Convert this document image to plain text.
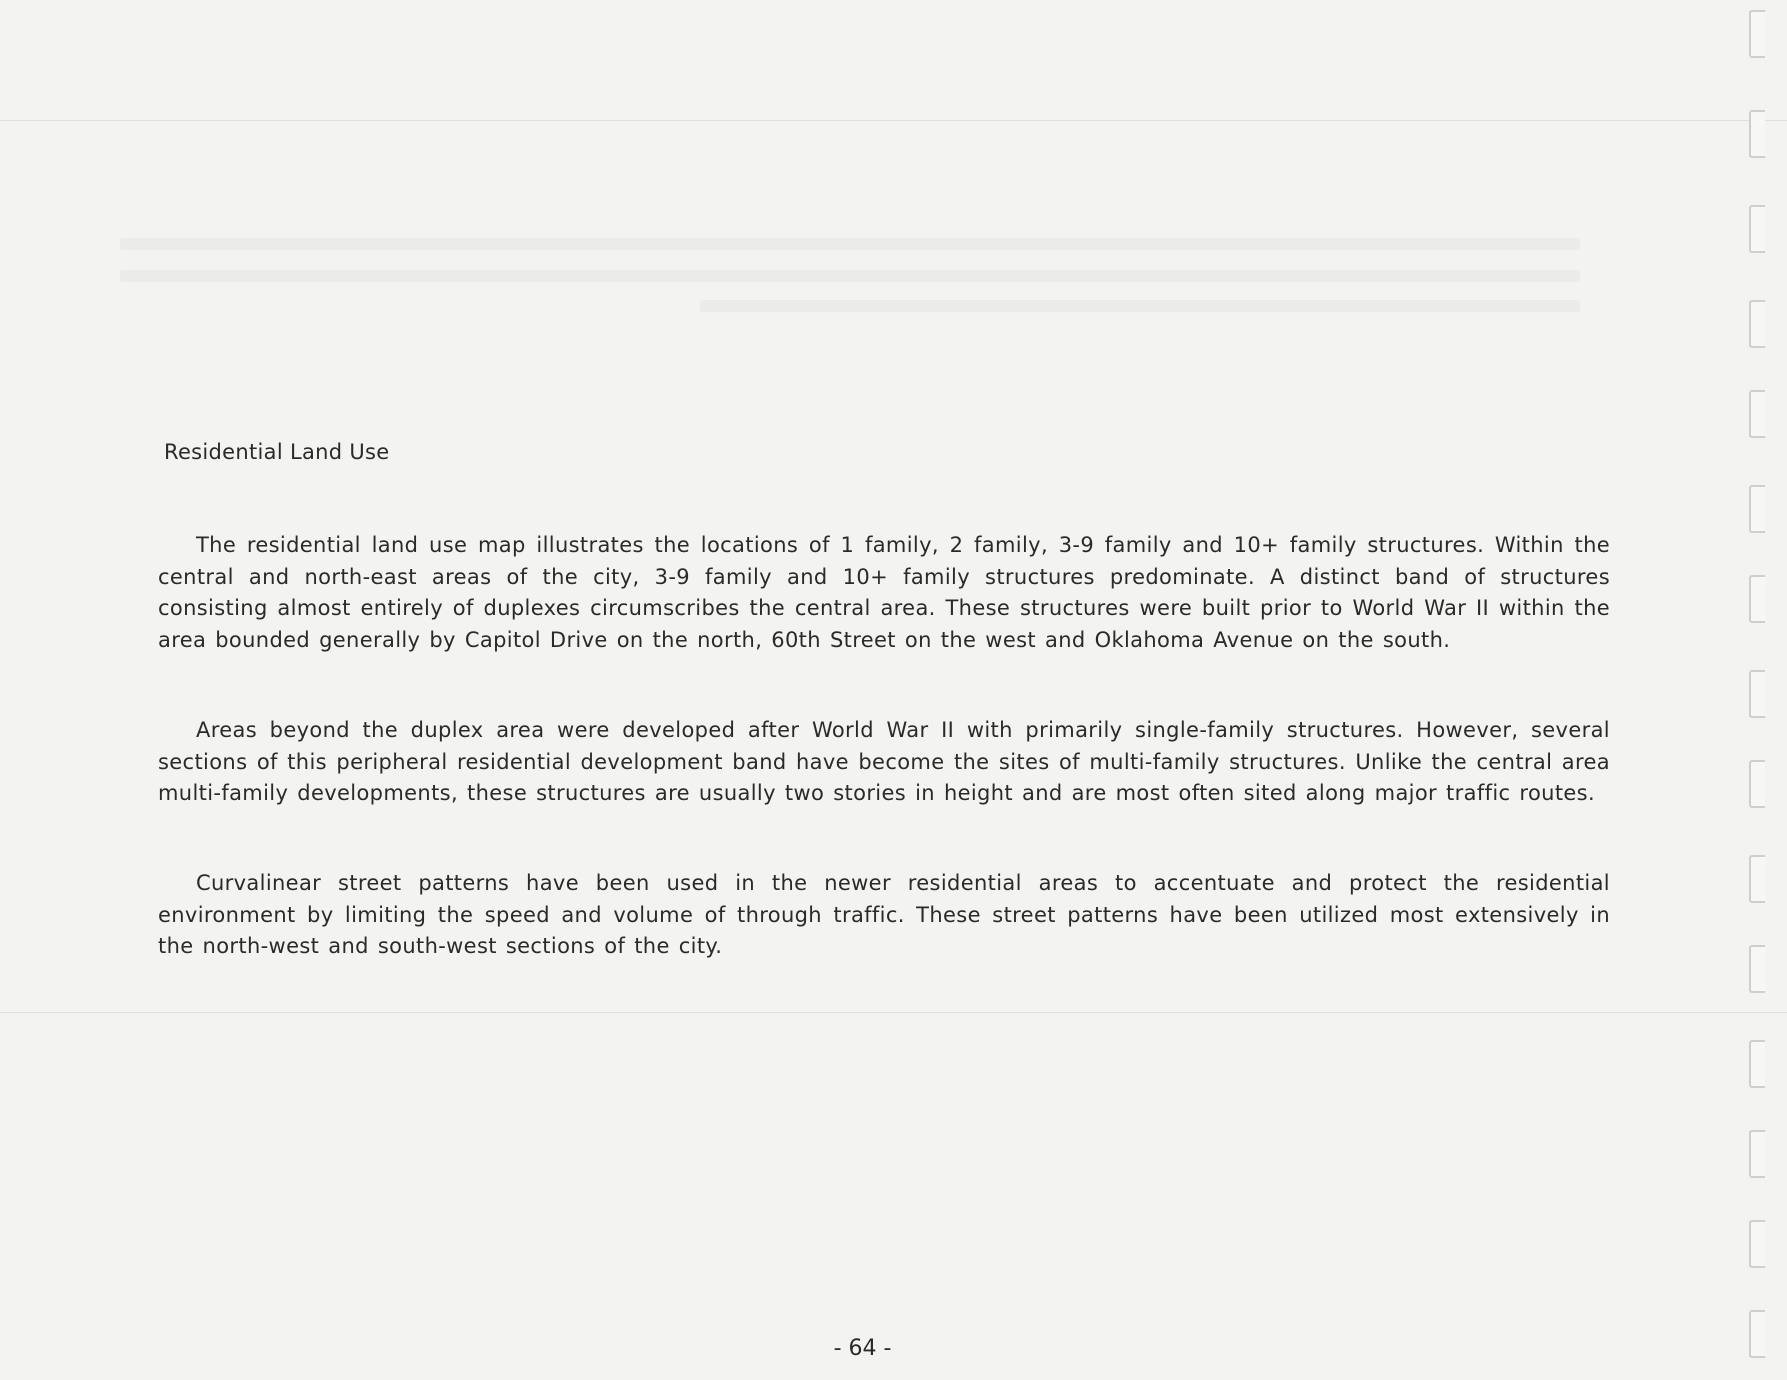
Residential Land Use

The residential land use map illustrates the locations of 1 family, 2 family, 3-9 family and 10+ family structures. Within the central and north-east areas of the city, 3-9 family and 10+ family structures predominate. A distinct band of structures consisting almost entirely of duplexes circumscribes the central area. These structures were built prior to World War II within the area bounded generally by Capitol Drive on the north, 60th Street on the west and Oklahoma Avenue on the south.

Areas beyond the duplex area were developed after World War II with primarily single-family structures. However, several sections of this peripheral residential development band have become the sites of multi-family structures. Unlike the central area multi-family developments, these structures are usually two stories in height and are most often sited along major traffic routes.

Curvalinear street patterns have been used in the newer residential areas to accentuate and protect the residential environment by limiting the speed and volume of through traffic. These street patterns have been utilized most extensively in the north-west and south-west sections of the city.

- 64 -
